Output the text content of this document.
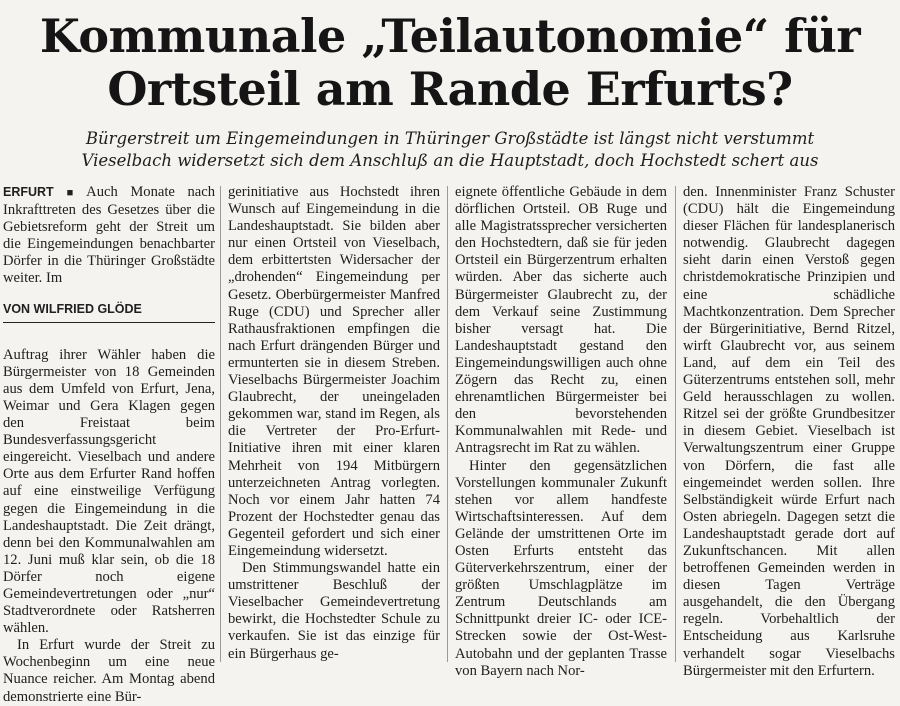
Kommunale „Teilautonomie“ für
Ortsteil am Rande Erfurts?
Bürgerstreit um Eingemeindungen in Thüringer Großstädte ist längst nicht verstummt
Vieselbach widersetzt sich dem Anschluß an die Hauptstadt, doch Hochstedt schert aus

ERFURT ■ Auch Monate nach Inkrafttreten des Gesetzes über die Gebietsreform geht der Streit um die Eingemeindungen benachbarter Dörfer in die Thüringer Großstädte weiter. Im

VON WILFRIED GLÖDE

Auftrag ihrer Wähler haben die Bürgermeister von 18 Gemeinden aus dem Umfeld von Erfurt, Jena, Weimar und Gera Klagen gegen den Freistaat beim Bundesverfassungsgericht eingereicht. Vieselbach und andere Orte aus dem Erfurter Rand hoffen auf eine einstweilige Verfügung gegen die Eingemeindung in die Landeshauptstadt. Die Zeit drängt, denn bei den Kommunalwahlen am 12. Juni muß klar sein, ob die 18 Dörfer noch eigene Gemeindevertretungen oder „nur“ Stadtverordnete oder Ratsherren wählen.

In Erfurt wurde der Streit zu Wochenbeginn um eine neue Nuance reicher. Am Montag abend demonstrierte eine Bür-

gerinitiative aus Hochstedt ihren Wunsch auf Eingemeindung in die Landeshauptstadt. Sie bilden aber nur einen Ortsteil von Vieselbach, dem erbittertsten Widersacher der „drohenden“ Eingemeindung per Gesetz. Oberbürgermeister Manfred Ruge (CDU) und Sprecher aller Rathausfraktionen empfingen die nach Erfurt drängenden Bürger und ermunterten sie in diesem Streben. Vieselbachs Bürgermeister Joachim Glaubrecht, der uneingeladen gekommen war, stand im Regen, als die Vertreter der Pro-Erfurt-Initiative ihren mit einer klaren Mehrheit von 194 Mitbürgern unterzeichneten Antrag vorlegten. Noch vor einem Jahr hatten 74 Prozent der Hochstedter genau das Gegenteil gefordert und sich einer Eingemeindung widersetzt.

Den Stimmungswandel hatte ein umstrittener Beschluß der Vieselbacher Gemeindevertretung bewirkt, die Hochstedter Schule zu verkaufen. Sie ist das einzige für ein Bürgerhaus ge-

eignete öffentliche Gebäude in dem dörflichen Ortsteil. OB Ruge und alle Magistratssprecher versicherten den Hochstedtern, daß sie für jeden Ortsteil ein Bürgerzentrum erhalten würden. Aber das sicherte auch Bürgermeister Glaubrecht zu, der dem Verkauf seine Zustimmung bisher versagt hat. Die Landeshauptstadt gestand den Eingemeindungswilligen auch ohne Zögern das Recht zu, einen ehrenamtlichen Bürgermeister bei den bevorstehenden Kommunalwahlen mit Rede- und Antragsrecht im Rat zu wählen.

Hinter den gegensätzlichen Vorstellungen kommunaler Zukunft stehen vor allem handfeste Wirtschaftsinteressen. Auf dem Gelände der umstrittenen Orte im Osten Erfurts entsteht das Güterverkehrszentrum, einer der größten Umschlagplätze im Zentrum Deutschlands am Schnittpunkt dreier IC- oder ICE-Strecken sowie der Ost-West-Autobahn und der geplanten Trasse von Bayern nach Nor-

den. Innenminister Franz Schuster (CDU) hält die Eingemeindung dieser Flächen für landesplanerisch notwendig. Glaubrecht dagegen sieht darin einen Verstoß gegen christdemokratische Prinzipien und eine schädliche Machtkonzentration. Dem Sprecher der Bürgerinitiative, Bernd Ritzel, wirft Glaubrecht vor, aus seinem Land, auf dem ein Teil des Güterzentrums entstehen soll, mehr Geld herausschlagen zu wollen. Ritzel sei der größte Grundbesitzer in diesem Gebiet. Vieselbach ist Verwaltungszentrum einer Gruppe von Dörfern, die fast alle eingemeindet werden sollen. Ihre Selbständigkeit würde Erfurt nach Osten abriegeln. Dagegen setzt die Landeshauptstadt gerade dort auf Zukunftschancen. Mit allen betroffenen Gemeinden werden in diesen Tagen Verträge ausgehandelt, die den Übergang regeln. Vorbehaltlich der Entscheidung aus Karlsruhe verhandelt sogar Vieselbachs Bürgermeister mit den Erfurtern.
